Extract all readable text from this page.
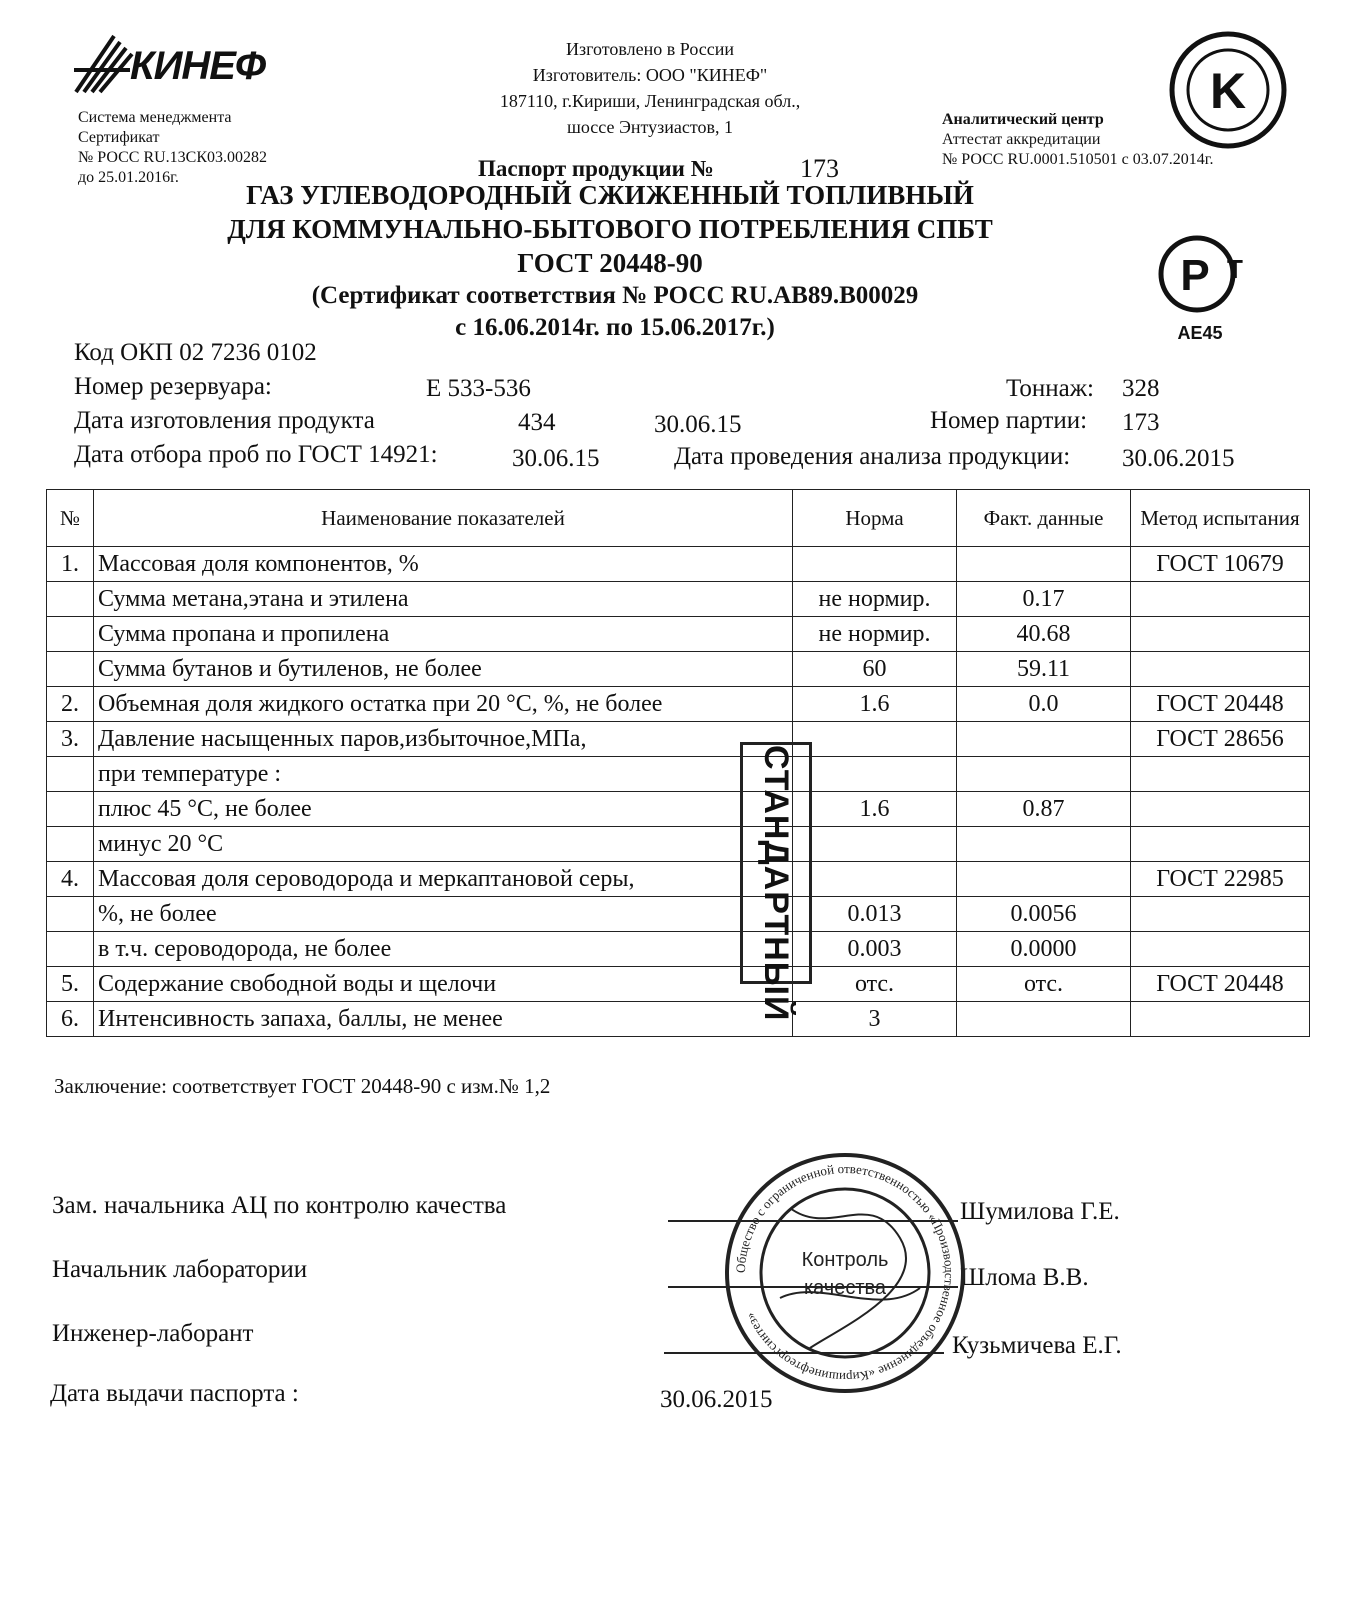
КИНЕФ
Система менеджмента
Сертификат
№ РОСС RU.13СК03.00282
до 25.01.2016г.
Изготовлено в России
Изготовитель: ООО "КИНЕФ"
187110, г.Кириши, Ленинградская обл.,
шоссе Энтузиастов, 1	Аналитический центр
Аттестат аккредитации
№ РОСС RU.0001.510501 с 03.07.2014г.
K
Р Т
АЕ45
Паспорт продукции №	173
ГАЗ УГЛЕВОДОРОДНЫЙ СЖИЖЕННЫЙ ТОПЛИВНЫЙ
ДЛЯ КОММУНАЛЬНО-БЫТОВОГО ПОТРЕБЛЕНИЯ СПБТ
ГОСТ 20448-90
(Сертификат соответствия № РОСС RU.АВ89.В00029
с 16.06.2014г. по 15.06.2017г.)
Код ОКП 02 7236 0102
Номер резервуара:	Е 533-536	Тоннаж: 328
Дата изготовления продукта	434	30.06.15	Номер партии: 173
Дата отбора проб по ГОСТ 14921:	30.06.15	Дата проведения анализа продукции: 30.06.2015
№	Наименование показателей	Норма	Факт. данные	Метод испытания
1.	Массовая доля компонентов, %			ГОСТ 10679
	Сумма метана,этана и этилена	не нормир.	0.17	
	Сумма пропана и пропилена	не нормир.	40.68	
	Сумма бутанов и бутиленов, не более	60	59.11	
2.	Объемная доля жидкого остатка при 20 °С, %, не более	1.6	0.0	ГОСТ 20448
3.	Давление насыщенных паров,избыточное,МПа,			ГОСТ 28656
	при температуре :			
	плюс 45 °С, не более	1.6	0.87	
	минус 20 °С			
4.	Массовая доля сероводорода и меркаптановой серы,			ГОСТ 22985
	%, не более	0.013	0.0056	
	в т.ч. сероводорода, не более	0.003	0.0000	
5.	Содержание свободной воды и щелочи	отс.	отс.	ГОСТ 20448
6.	Интенсивность запаха, баллы, не менее	3		
СТАНДАРТНЫЙ
Заключение: соответствует ГОСТ 20448-90 с изм.№ 1,2
Зам. начальника АЦ по контролю качества	Шумилова Г.Е.
Начальник лаборатории	Шлома В.В.
Инженер-лаборант	Кузьмичева Е.Г.
Дата выдачи паспорта :	30.06.2015
Общество с ограниченной ответственностью «Производственное объединение «Киришинефтеоргсинтез»
Контроль
качества
